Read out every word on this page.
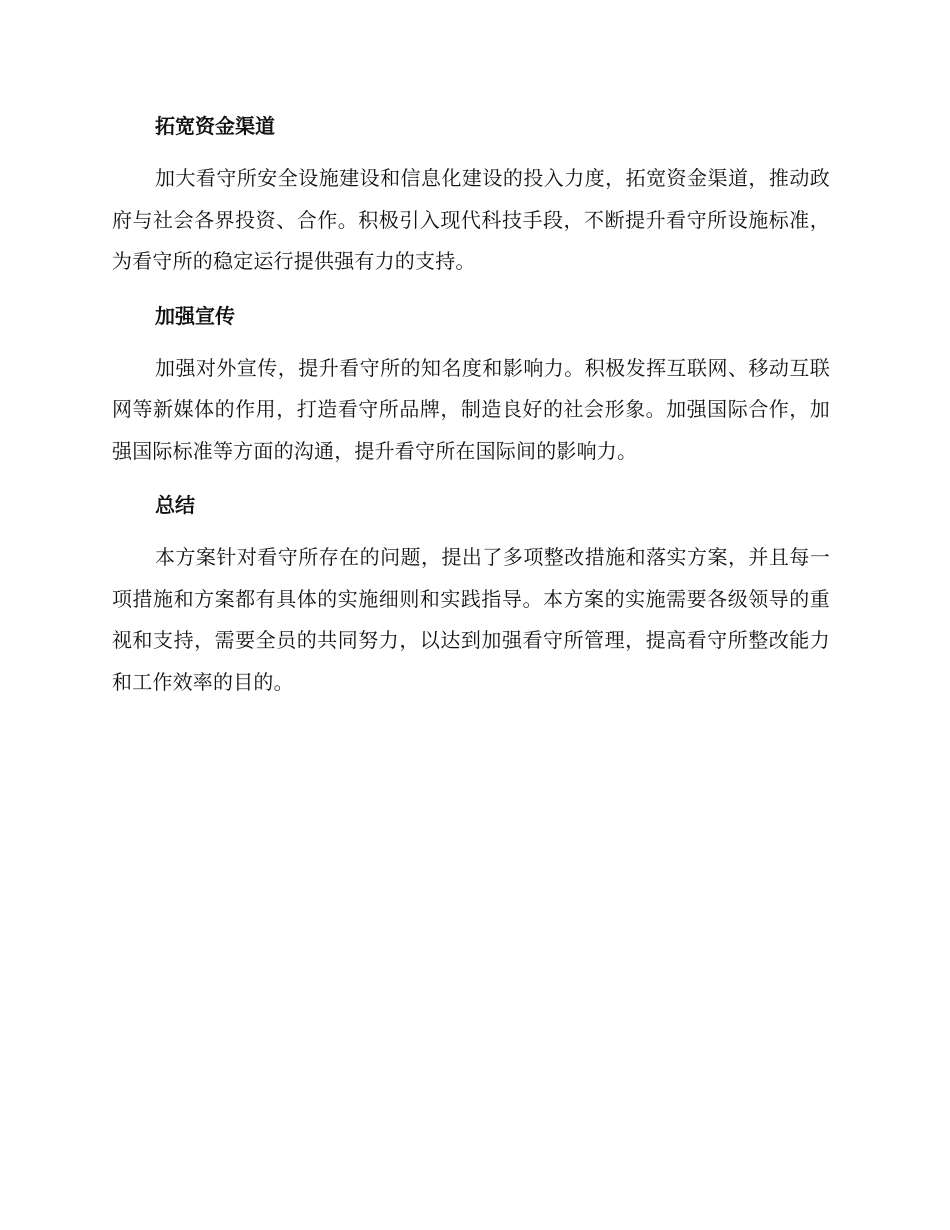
拓宽资金渠道

加大看守所安全设施建设和信息化建设的投入力度，拓宽资金渠道，推动政府与社会各界投资、合作。积极引入现代科技手段，不断提升看守所设施标准，为看守所的稳定运行提供强有力的支持。

加强宣传

加强对外宣传，提升看守所的知名度和影响力。积极发挥互联网、移动互联网等新媒体的作用，打造看守所品牌，制造良好的社会形象。加强国际合作，加强国际标准等方面的沟通，提升看守所在国际间的影响力。

总结

本方案针对看守所存在的问题，提出了多项整改措施和落实方案，并且每一项措施和方案都有具体的实施细则和实践指导。本方案的实施需要各级领导的重视和支持，需要全员的共同努力，以达到加强看守所管理，提高看守所整改能力和工作效率的目的。
